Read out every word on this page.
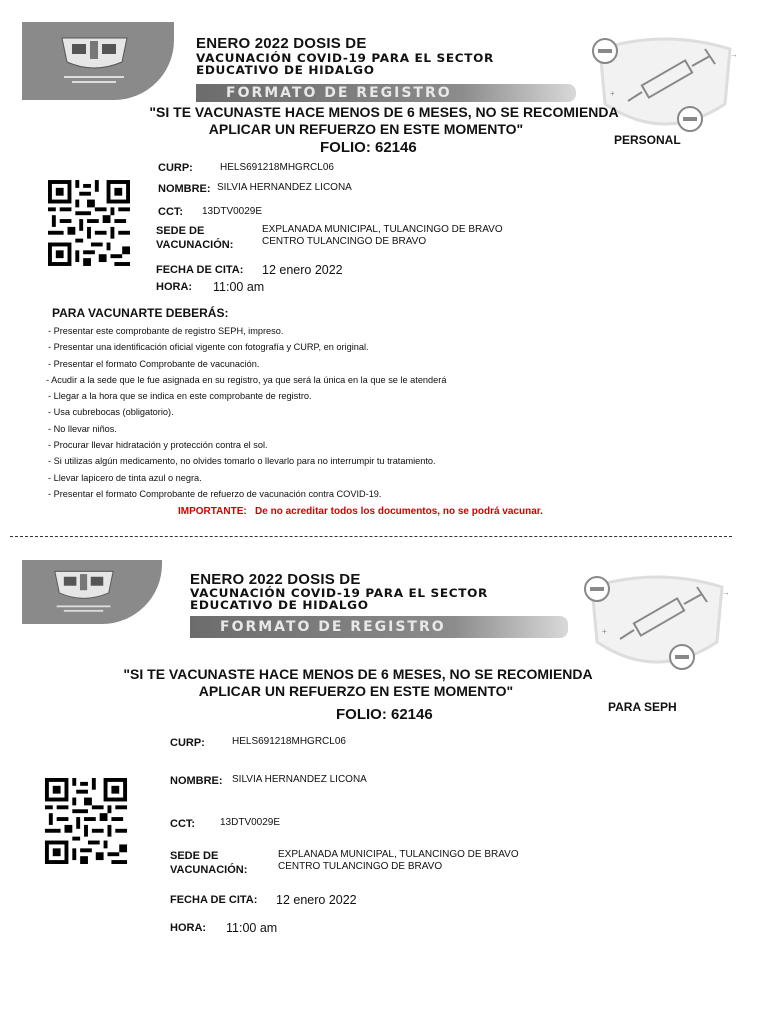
ENERO 2022 DOSIS DE
VACUNACIÓN COVID-19 PARA EL SECTOR
EDUCATIVO DE HIDALGO
FORMATO DE REGISTRO
→
+
"SI TE VACUNASTE HACE MENOS DE 6 MESES, NO SE RECOMIENDA
APLICAR UN REFUERZO EN ESTE MOMENTO"
FOLIO: 62146	PERSONAL
CURP:	HELS691218MHGRCL06
NOMBRE: SILVIA HERNANDEZ LICONA
CCT: 13DTV0029E
SEDE DE
VACUNACIÓN:
EXPLANADA MUNICIPAL, TULANCINGO DE BRAVO
CENTRO TULANCINGO DE BRAVO
FECHA DE CITA: 12 enero 2022
HORA: 11:00 am
PARA VACUNARTE DEBERÁS:
- Presentar este comprobante de registro SEPH, impreso.
- Presentar una identificación oficial vigente con fotografía y CURP, en original.
- Presentar el formato Comprobante de vacunación.
- Acudir a la sede que le fue asignada en su registro, ya que será la única en la que se le atenderá
- Llegar a la hora que se indica en este comprobante de registro.
- Usa cubrebocas (obligatorio).
- No llevar niños.
- Procurar llevar hidratación y protección contra el sol.
- Si utilizas algún medicamento, no olvides tomarlo o llevarlo para no interrumpir tu tratamiento.
- Llevar lapicero de tinta azul o negra.
- Presentar el formato Comprobante de refuerzo de vacunación contra COVID-19.
IMPORTANTE: De no acreditar todos los documentos, no se podrá vacunar.
ENERO 2022 DOSIS DE
VACUNACIÓN COVID-19 PARA EL SECTOR
EDUCATIVO DE HIDALGO
FORMATO DE REGISTRO
→
+
"SI TE VACUNASTE HACE MENOS DE 6 MESES, NO SE RECOMIENDA
APLICAR UN REFUERZO EN ESTE MOMENTO"
FOLIO: 62146	PARA SEPH
CURP:	HELS691218MHGRCL06
NOMBRE: SILVIA HERNANDEZ LICONA
CCT: 13DTV0029E
SEDE DE
VACUNACIÓN:
EXPLANADA MUNICIPAL, TULANCINGO DE BRAVO
CENTRO TULANCINGO DE BRAVO
FECHA DE CITA: 12 enero 2022
HORA: 11:00 am
